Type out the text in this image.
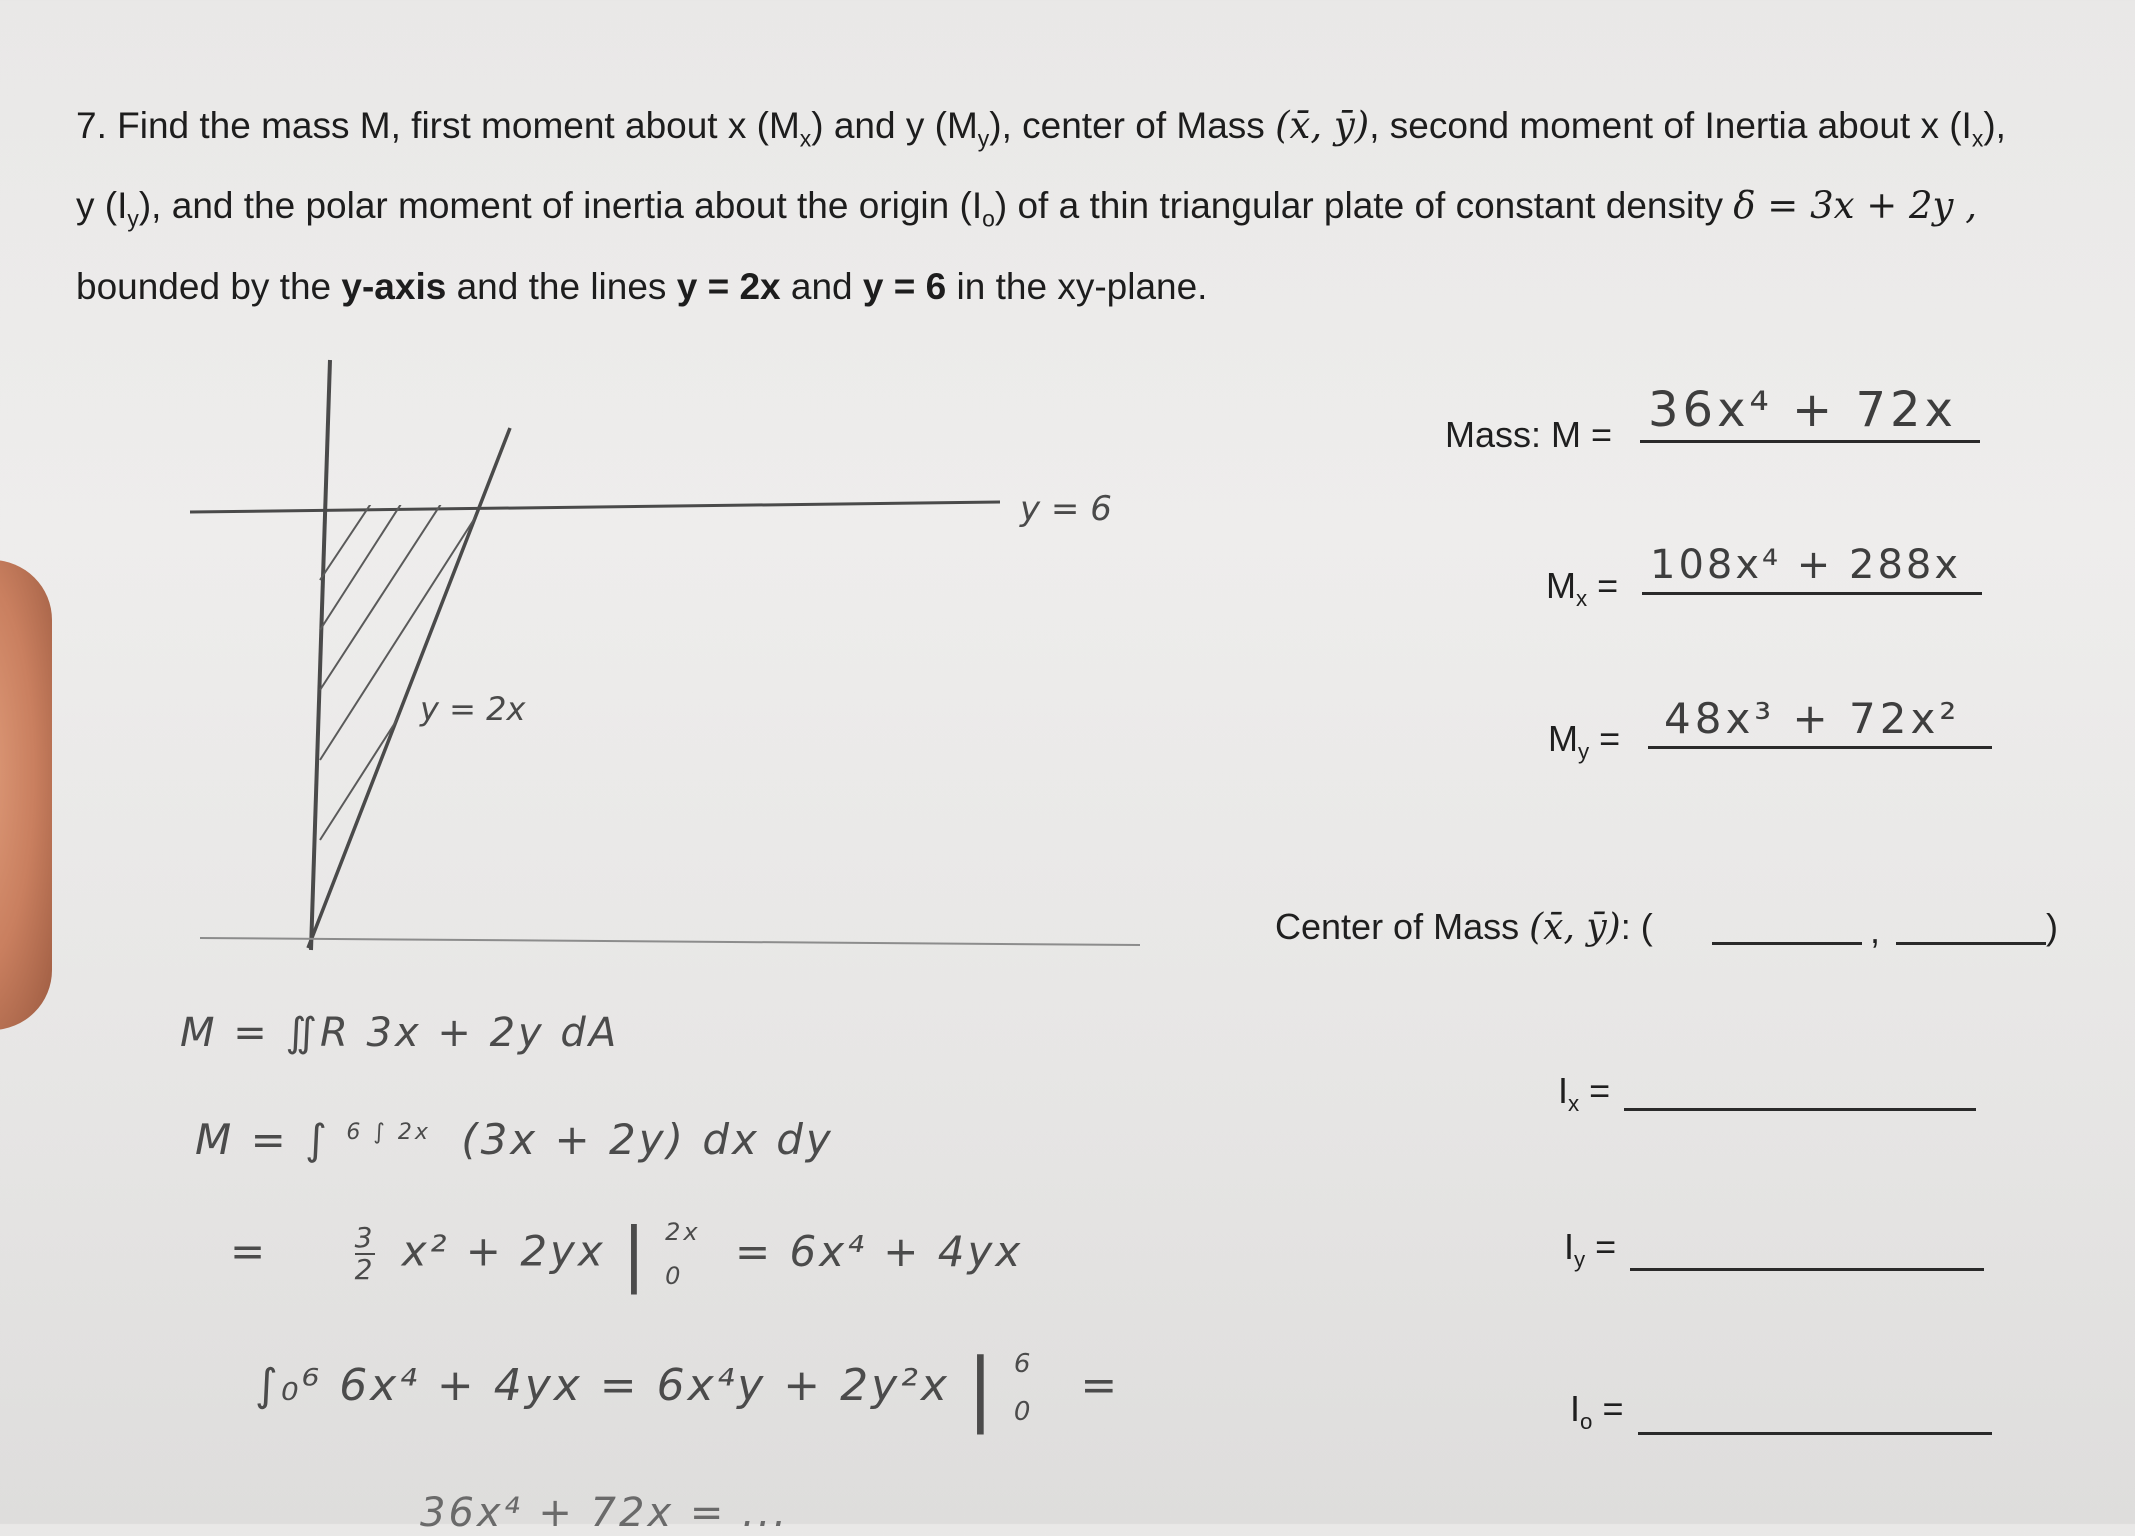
7. Find the mass M, first moment about x $(M_x)$ and y $(M_y)$, center of Mass (x̄, ȳ), second moment of Inertia about x $(I_x)$,
y $(I_y)$, and the polar moment of inertia about the origin $(I_o)$ of a thin triangular plate of constant density δ = 3x + 2y ,
bounded by the y-axis and the lines y = 2x and y = 6 in the xy-plane.
y = 6
y = 2x
M = ∬R 3x + 2y dA
M = ∫ $^{6 \int 2x}$ (3x + 2y) dx dy
=	$\frac{3}{2} x^2 + 2yx$ | 2x
0
= 6x⁴ + 4yx
∫₀⁶ 6x⁴ + 4yx = 6x⁴y + 2y²x | 6
0
=
36x⁴ + 72x = ...
Mass: M = 36x⁴ + 72x
$M_x = 108x^4 + 288x$
$M_y = 48x^3 + 72x^2$
Center of Mass (x̄, ȳ): (	,	)
$I_x$ =
$I_y$ =
$I_o$ =
